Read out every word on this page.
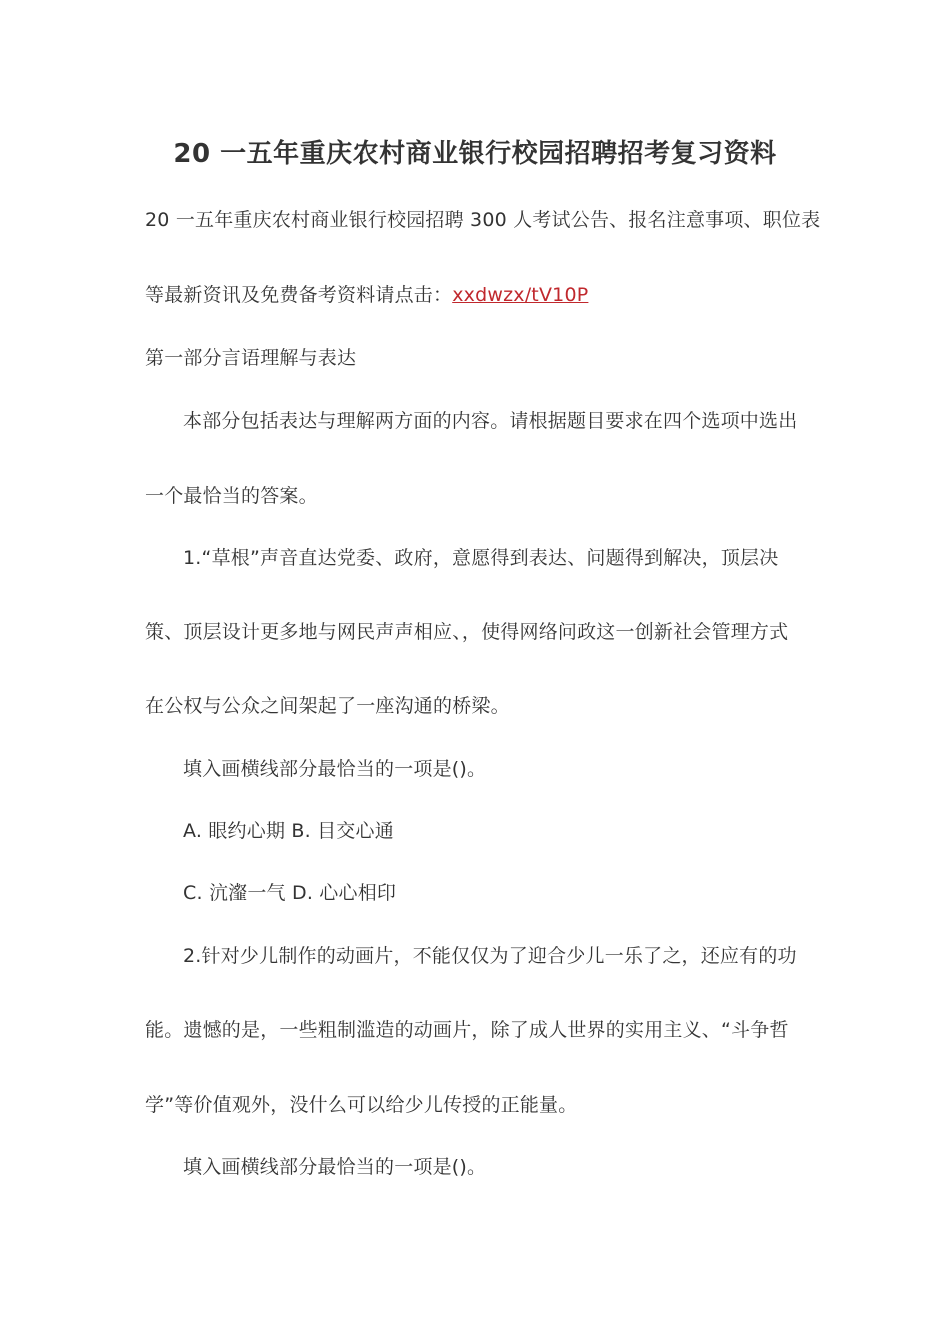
20 一五年重庆农村商业银行校园招聘招考复习资料
20 一五年重庆农村商业银行校园招聘 300 人考试公告、报名注意事项、职位表
等最新资讯及免费备考资料请点击：xxdwzx/tV10P
第一部分言语理解与表达
本部分包括表达与理解两方面的内容。请根据题目要求在四个选项中选出
一个最恰当的答案。
1.“草根”声音直达党委、政府，意愿得到表达、问题得到解决，顶层决
策、顶层设计更多地与网民声声相应、，使得网络问政这一创新社会管理方式
在公权与公众之间架起了一座沟通的桥梁。
填入画横线部分最恰当的一项是()。
A. 眼约心期 B. 目交心通
C. 沆瀣一气 D. 心心相印
2.针对少儿制作的动画片，不能仅仅为了迎合少儿一乐了之，还应有的功
能。遗憾的是，一些粗制滥造的动画片，除了成人世界的实用主义、“斗争哲
学”等价值观外，没什么可以给少儿传授的正能量。
填入画横线部分最恰当的一项是()。
